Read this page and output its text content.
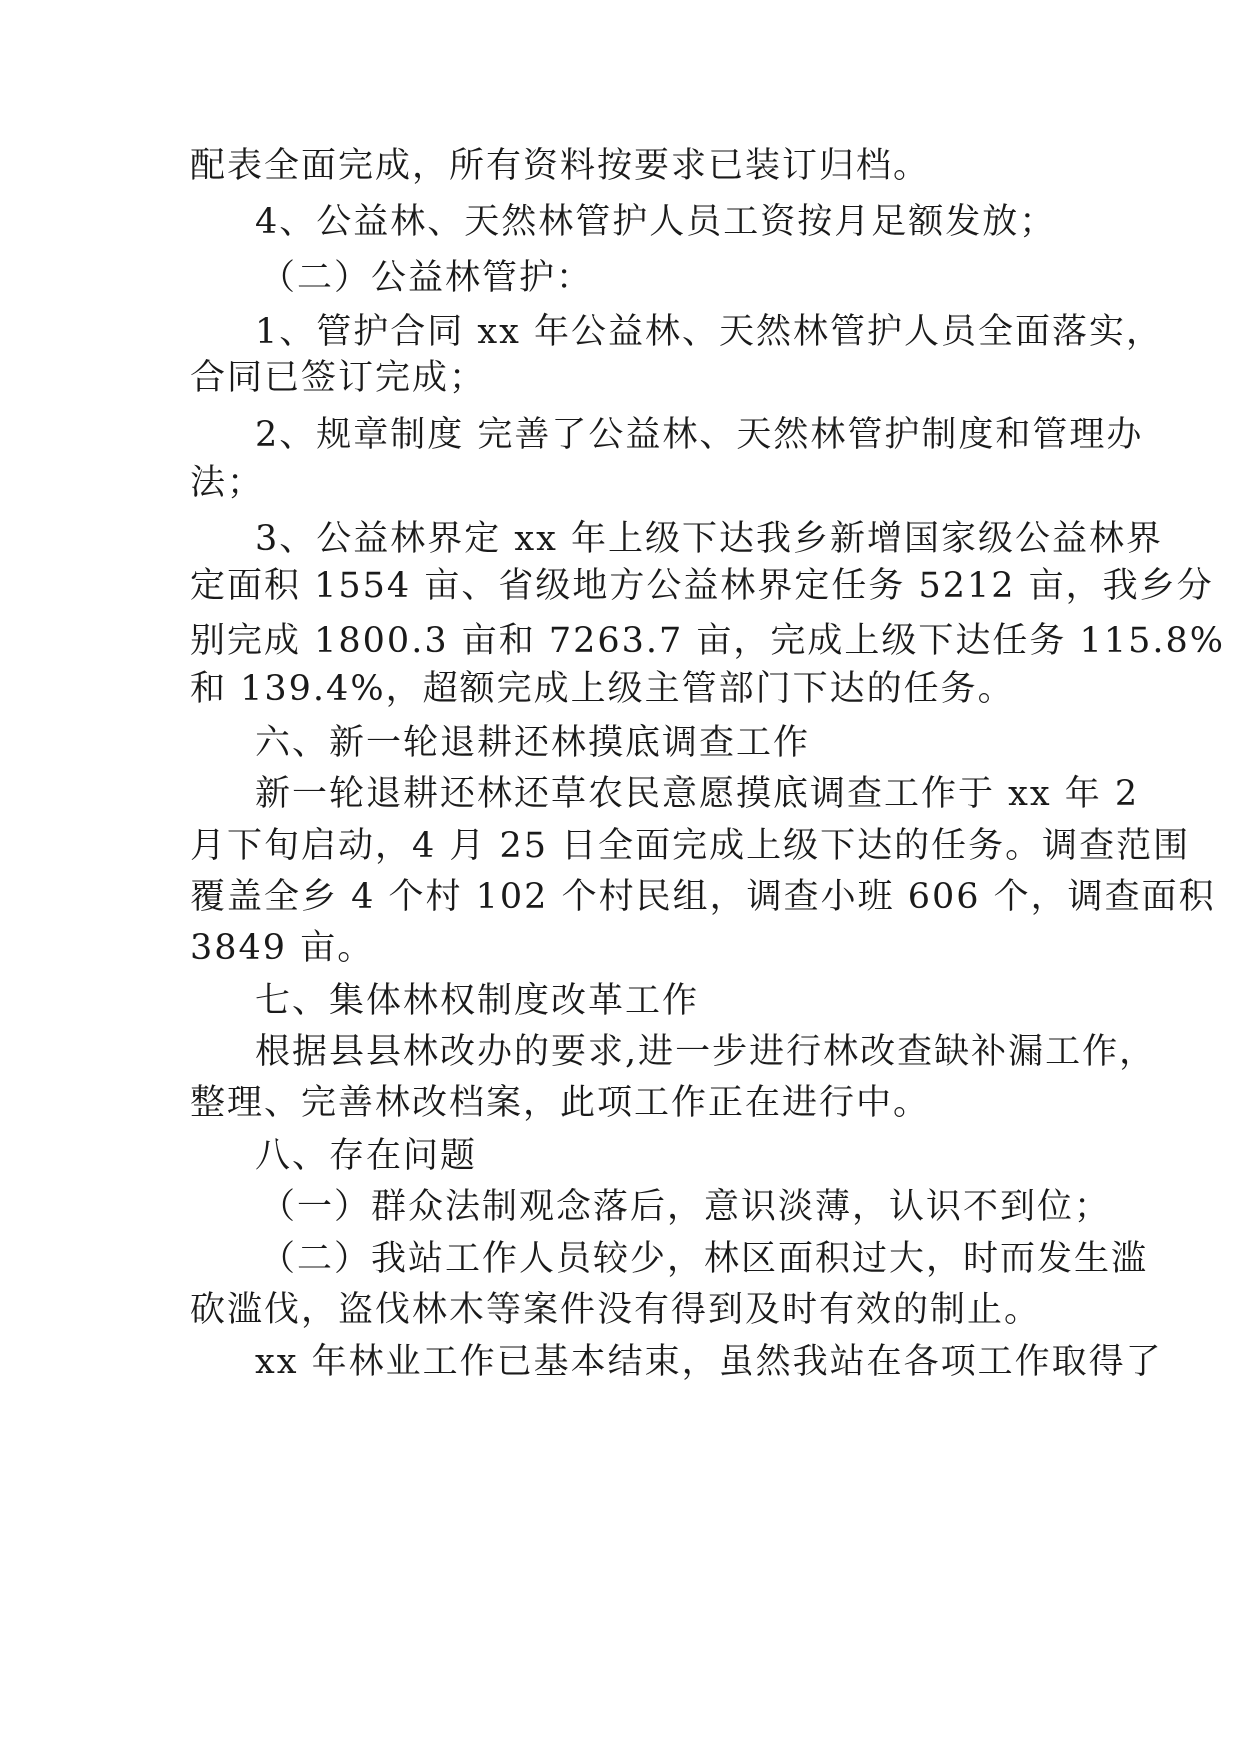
配表全面完成，所有资料按要求已装订归档。
4、公益林、天然林管护人员工资按月足额发放；
（二）公益林管护：
1、管护合同 xx 年公益林、天然林管护人员全面落实，
合同已签订完成；
2、规章制度 完善了公益林、天然林管护制度和管理办
法；
3、公益林界定 xx 年上级下达我乡新增国家级公益林界
定面积 1554 亩、省级地方公益林界定任务 5212 亩，我乡分
别完成 1800.3 亩和 7263.7 亩，完成上级下达任务 115.8%
和 139.4%，超额完成上级主管部门下达的任务。
六、新一轮退耕还林摸底调查工作
新一轮退耕还林还草农民意愿摸底调查工作于 xx 年 2
月下旬启动，4 月 25 日全面完成上级下达的任务。调查范围
覆盖全乡 4 个村 102 个村民组，调查小班 606 个，调查面积
3849 亩。
七、集体林权制度改革工作
根据县县林改办的要求,进一步进行林改查缺补漏工作，
整理、完善林改档案，此项工作正在进行中。
八、存在问题
（一）群众法制观念落后，意识淡薄，认识不到位；
（二）我站工作人员较少，林区面积过大，时而发生滥
砍滥伐，盗伐林木等案件没有得到及时有效的制止。
xx 年林业工作已基本结束，虽然我站在各项工作取得了
